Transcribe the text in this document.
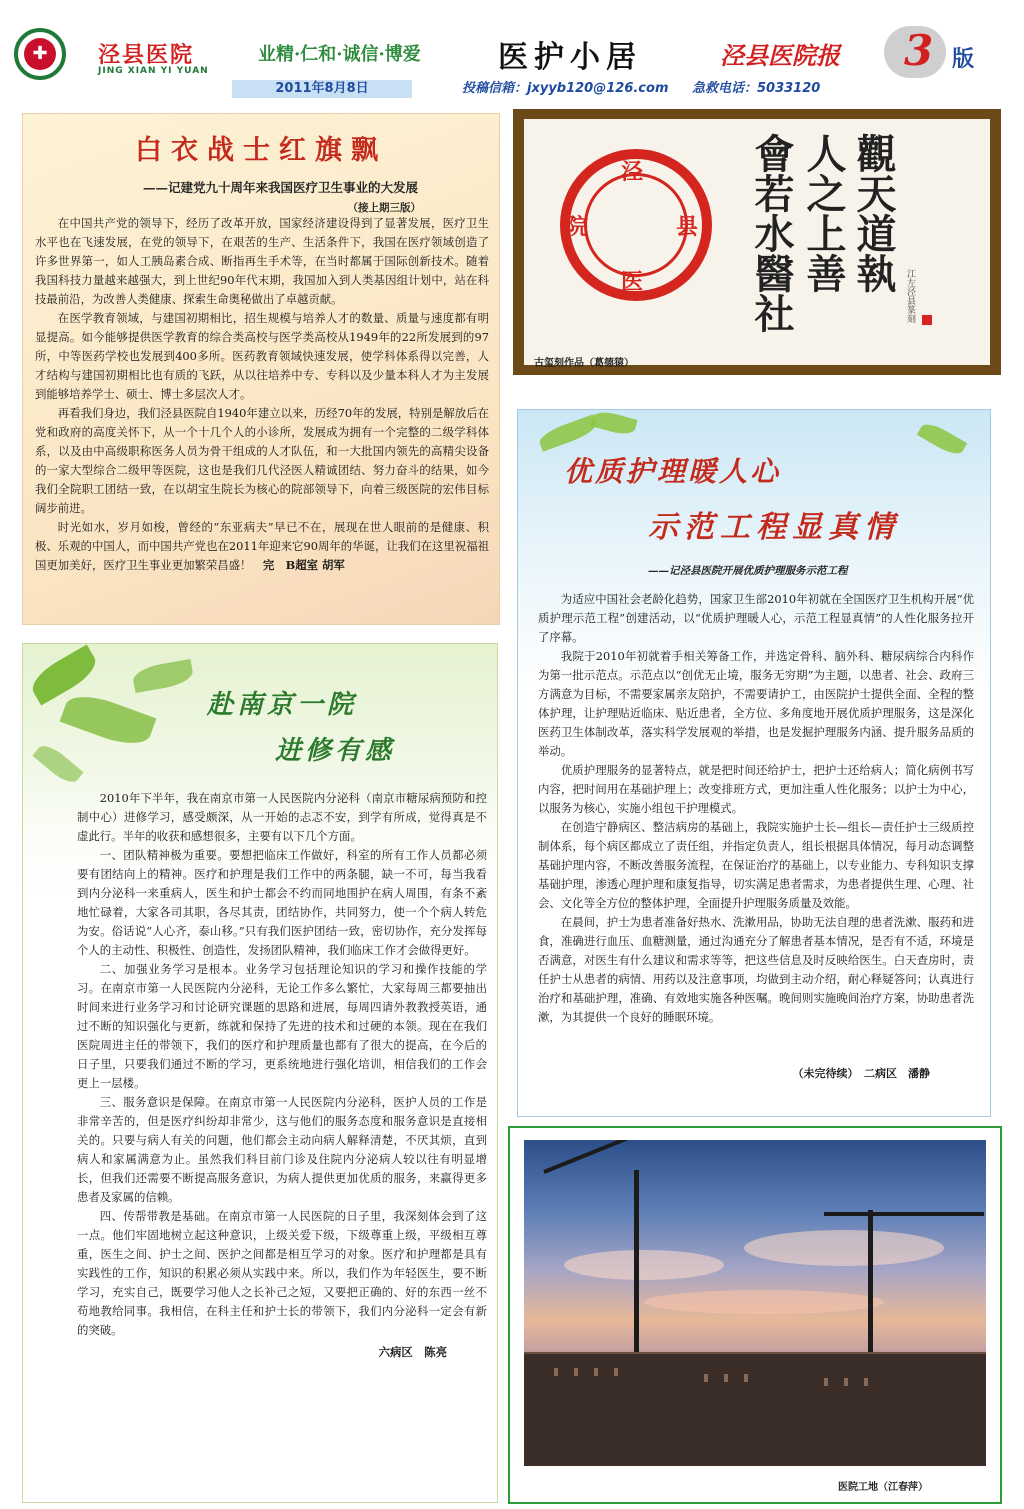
✚ 泾县医院
JING XIAN YI YUAN
业精·仁和·诚信·博爱	医护小居	泾县医院报 3 版
2011年8月8日	投稿信箱：jxyyb120@126.com 急救电话：5033120
白衣战士红旗飘
——记建党九十周年来我国医疗卫生事业的大发展
（接上期三版）

在中国共产党的领导下，经历了改革开放，国家经济建设得到了显著发展，医疗卫生水平也在飞速发展，在党的领导下，在艰苦的生产、生活条件下，我国在医疗领域创造了许多世界第一，如人工胰岛素合成、断指再生手术等，在当时都属于国际创新技术。随着我国科技力量越来越强大，到上世纪90年代末期，我国加入到人类基因组计划中，站在科技最前沿，为改善人类健康、探索生命奥秘做出了卓越贡献。

在医学教育领域，与建国初期相比，招生规模与培养人才的数量、质量与速度都有明显提高。如今能够提供医学教育的综合类高校与医学类高校从1949年的22所发展到的97所，中等医药学校也发展到400多所。医药教育领域快速发展，使学科体系得以完善，人才结构与建国初期相比也有质的飞跃，从以往培养中专、专科以及少量本科人才为主发展到能够培养学士、硕士、博士多层次人才。

再看我们身边，我们泾县医院自1940年建立以来，历经70年的发展，特别是解放后在党和政府的高度关怀下，从一个十几个人的小诊所，发展成为拥有一个完整的二级学科体系，以及由中高级职称医务人员为骨干组成的人才队伍，和一大批国内领先的高精尖设备的一家大型综合二级甲等医院，这也是我们几代泾医人精诚团结、努力奋斗的结果，如今我们全院职工团结一致，在以胡宝生院长为核心的院部领导下，向着三级医院的宏伟目标阔步前进。

时光如水，岁月如梭，曾经的“东亚病夫”早已不在，展现在世人眼前的是健康、积极、乐观的中国人，而中国共产党也在2011年迎来它90周年的华诞，让我们在这里祝福祖国更加美好，医疗卫生事业更加繁荣昌盛！　 完　 B超室 胡军

泾
县
医
院	觀天道執
人之上善
會若水醫社	江左泾县篆刻
古玺刻作品（葛德猿）
优质护理暖人心
示范工程显真情
——记泾县医院开展优质护理服务示范工程

为适应中国社会老龄化趋势，国家卫生部2010年初就在全国医疗卫生机构开展“优质护理示范工程”创建活动，以“优质护理暖人心，示范工程显真情”的人性化服务拉开了序幕。

我院于2010年初就着手相关筹备工作，并选定骨科、脑外科、糖尿病综合内科作为第一批示范点。示范点以“创优无止境，服务无穷期”为主题，以患者、社会、政府三方满意为目标，不需要家属亲友陪护，不需要请护工，由医院护士提供全面、全程的整体护理，让护理贴近临床、贴近患者，全方位、多角度地开展优质护理服务，这是深化医药卫生体制改革，落实科学发展观的举措，也是发掘护理服务内涵、提升服务品质的举动。

优质护理服务的显著特点，就是把时间还给护士，把护士还给病人；简化病例书写内容，把时间用在基础护理上；改变排班方式，更加注重人性化服务；以护士为中心，以服务为核心，实施小组包干护理模式。

在创造宁静病区、整洁病房的基础上，我院实施护士长—组长—责任护士三级质控制体系，每个病区都成立了责任组，并指定负责人，组长根据具体情况，每月动态调整基础护理内容，不断改善服务流程，在保证治疗的基础上，以专业能力、专科知识支撑基础护理，渗透心理护理和康复指导，切实满足患者需求，为患者提供生理、心理、社会、文化等全方位的整体护理，全面提升护理服务质量及效能。

在晨间，护士为患者准备好热水、洗漱用品，协助无法自理的患者洗漱、服药和进食，准确进行血压、血糖测量，通过沟通充分了解患者基本情况，是否有不适，环境是否满意，对医生有什么建议和需求等等，把这些信息及时反映给医生。白天查房时，责任护士从患者的病情、用药以及注意事项，均做到主动介绍，耐心释疑答问；认真进行治疗和基础护理，准确、有效地实施各种医嘱。晚间则实施晚间治疗方案，协助患者洗漱，为其提供一个良好的睡眠环境。

（未完待续）　二病区　潘静
赴南京一院
进修有感

2010年下半年，我在南京市第一人民医院内分泌科（南京市糖尿病预防和控制中心）进修学习，感受颇深，从一开始的忐忑不安，到学有所成，觉得真是不虚此行。半年的收获和感想很多，主要有以下几个方面。

一、团队精神极为重要。要想把临床工作做好，科室的所有工作人员都必须要有团结向上的精神。医疗和护理是我们工作中的两条腿，缺一不可，每当我看到内分泌科一来重病人，医生和护士都会不约而同地围护在病人周围，有条不紊地忙碌着，大家各司其职，各尽其责，团结协作，共同努力，使一个个病人转危为安。俗话说“人心齐，泰山移。”只有我们医护团结一致，密切协作，充分发挥每个人的主动性、积极性、创造性，发扬团队精神，我们临床工作才会做得更好。

二、加强业务学习是根本。业务学习包括理论知识的学习和操作技能的学习。在南京市第一人民医院内分泌科，无论工作多么繁忙，大家每周三都要抽出时间来进行业务学习和讨论研究课题的思路和进展，每周四请外教教授英语，通过不断的知识强化与更新，练就和保持了先进的技术和过硬的本领。现在在我们医院周进主任的带领下，我们的医疗和护理质量也都有了很大的提高，在今后的日子里，只要我们通过不断的学习，更系统地进行强化培训，相信我们的工作会更上一层楼。

三、服务意识是保障。在南京市第一人民医院内分泌科，医护人员的工作是非常辛苦的，但是医疗纠纷却非常少，这与他们的服务态度和服务意识是直接相关的。只要与病人有关的问题，他们都会主动向病人解释清楚，不厌其烦，直到病人和家属满意为止。虽然我们科目前门诊及住院内分泌病人较以往有明显增长，但我们还需要不断提高服务意识，为病人提供更加优质的服务，来赢得更多患者及家属的信赖。

四、传帮带教是基础。在南京市第一人民医院的日子里，我深刻体会到了这一点。他们牢固地树立起这种意识，上级关爱下级，下级尊重上级，平级相互尊重，医生之间、护士之间、医护之间都是相互学习的对象。医疗和护理都是具有实践性的工作，知识的积累必须从实践中来。所以，我们作为年轻医生，要不断学习，充实自己，既要学习他人之长补己之短，又要把正确的、好的东西一丝不苟地教给同事。我相信，在科主任和护士长的带领下，我们内分泌科一定会有新的突破。

六病区　陈亮

医院工地（江春萍）
